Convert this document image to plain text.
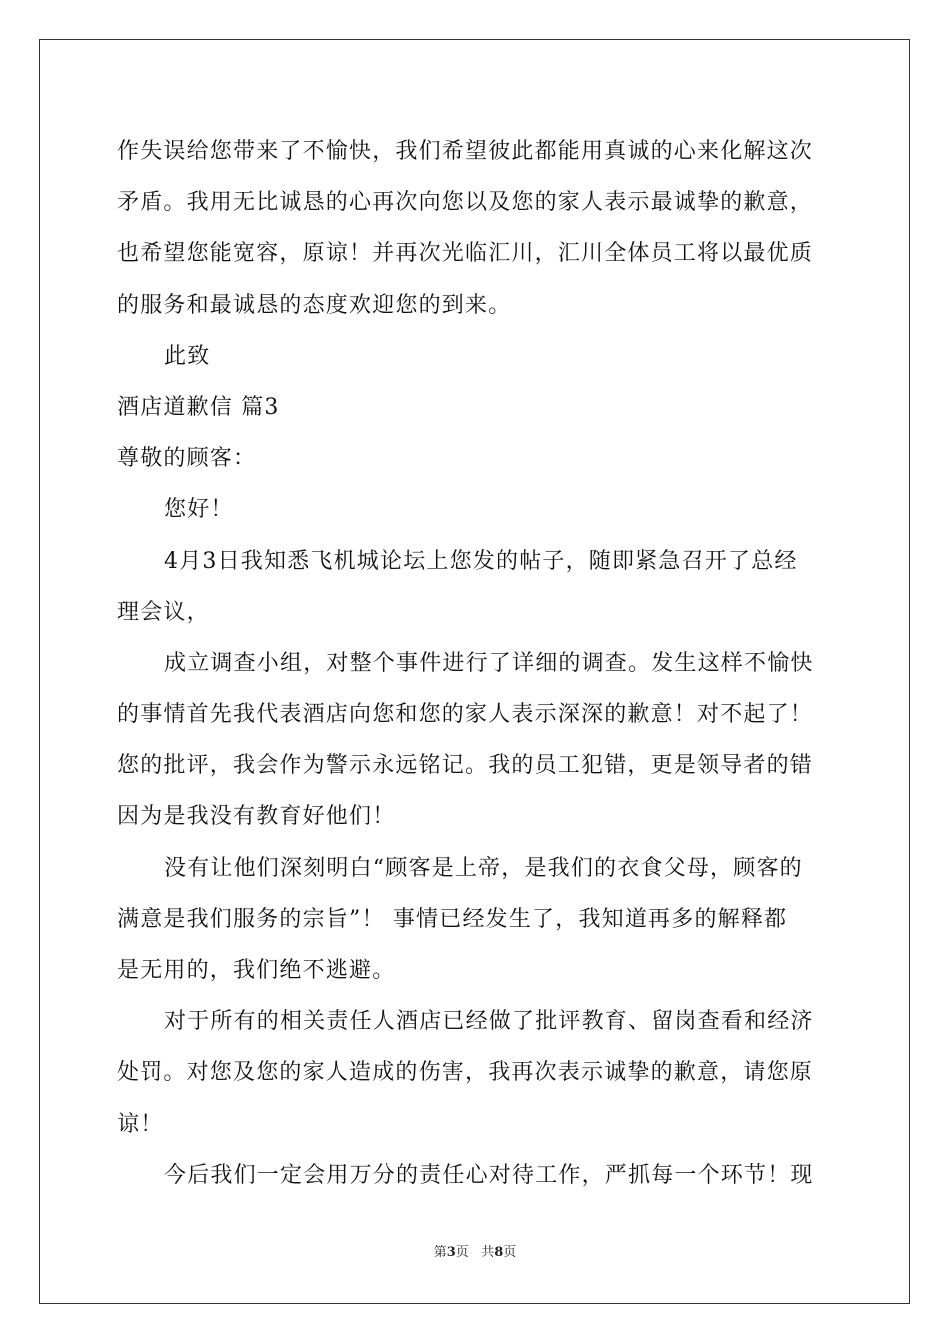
作失误给您带来了不愉快，我们希望彼此都能用真诚的心来化解这次
矛盾。我用无比诚恳的心再次向您以及您的家人表示最诚挚的歉意，
也希望您能宽容，原谅！并再次光临汇川，汇川全体员工将以最优质
的服务和最诚恳的态度欢迎您的到来。
此致
酒店道歉信 篇3
尊敬的顾客：
您好！
4月3日我知悉飞机城论坛上您发的帖子，随即紧急召开了总经
理会议，
成立调查小组，对整个事件进行了详细的调查。发生这样不愉快
的事情首先我代表酒店向您和您的家人表示深深的歉意！对不起了！
您的批评，我会作为警示永远铭记。我的员工犯错，更是领导者的错
因为是我没有教育好他们！
没有让他们深刻明白“顾客是上帝，是我们的衣食父母，顾客的
满意是我们服务的宗旨”！ 事情已经发生了，我知道再多的解释都
是无用的，我们绝不逃避。
对于所有的相关责任人酒店已经做了批评教育、留岗查看和经济
处罚。对您及您的家人造成的伤害，我再次表示诚挚的歉意，请您原
谅！
今后我们一定会用万分的责任心对待工作，严抓每一个环节！现
第3页 共8页
